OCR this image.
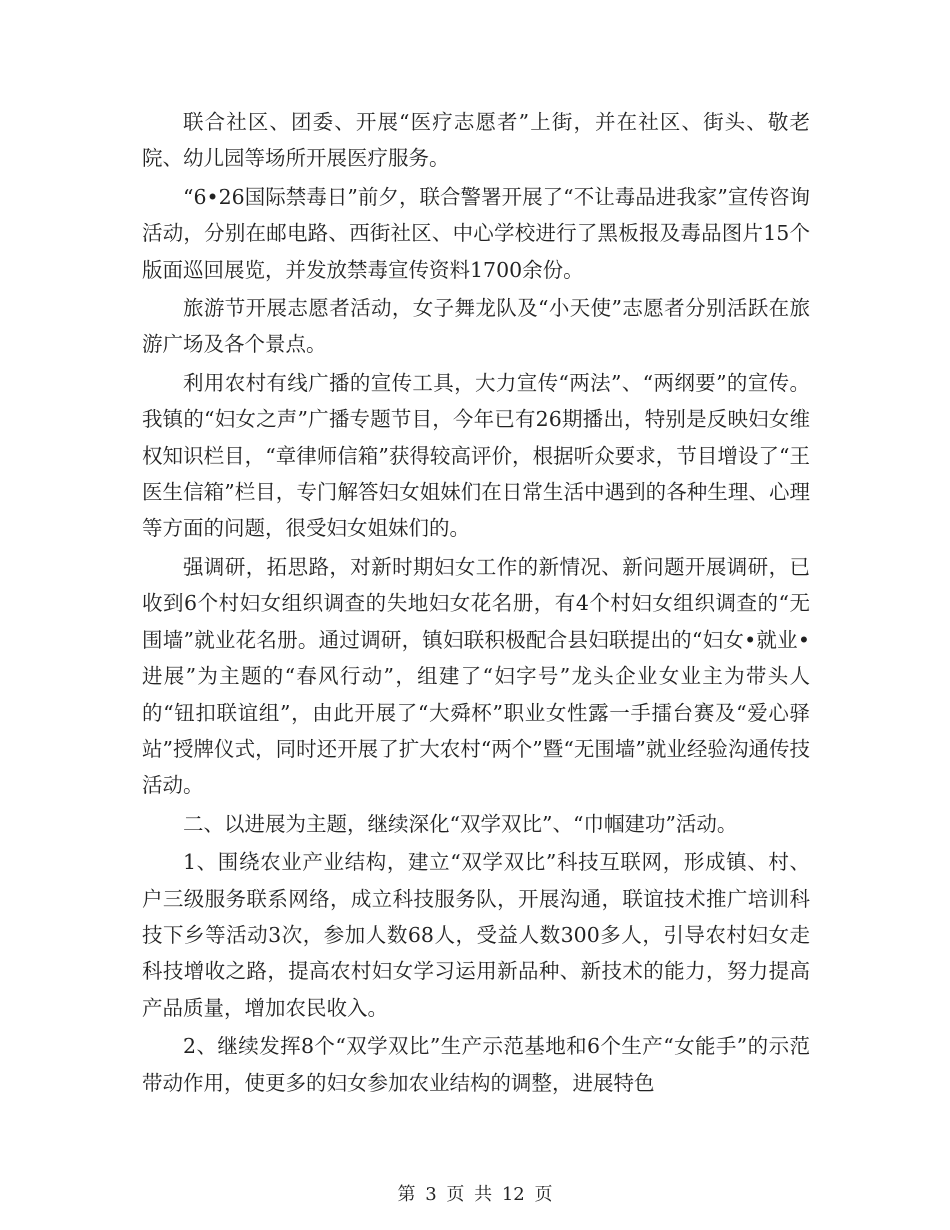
联合社区、团委、开展“医疗志愿者”上街，并在社区、街头、敬老院、幼儿园等场所开展医疗服务。

“6•26国际禁毒日”前夕，联合警署开展了“不让毒品进我家”宣传咨询活动，分别在邮电路、西街社区、中心学校进行了黑板报及毒品图片15个版面巡回展览，并发放禁毒宣传资料1700余份。

旅游节开展志愿者活动，女子舞龙队及“小天使”志愿者分别活跃在旅游广场及各个景点。

利用农村有线广播的宣传工具，大力宣传“两法”、“两纲要”的宣传。我镇的“妇女之声”广播专题节目，今年已有26期播出，特别是反映妇女维权知识栏目，“章律师信箱”获得较高评价，根据听众要求，节目增设了“王医生信箱”栏目，专门解答妇女姐妹们在日常生活中遇到的各种生理、心理等方面的问题，很受妇女姐妹们的。

强调研，拓思路，对新时期妇女工作的新情况、新问题开展调研，已收到6个村妇女组织调查的失地妇女花名册，有4个村妇女组织调查的“无围墙”就业花名册。通过调研，镇妇联积极配合县妇联提出的“妇女•就业•进展”为主题的“春风行动”，组建了“妇字号”龙头企业女业主为带头人的“钮扣联谊组”，由此开展了“大舜杯”职业女性露一手擂台赛及“爱心驿站”授牌仪式，同时还开展了扩大农村“两个”暨“无围墙”就业经验沟通传技活动。

二、以进展为主题，继续深化“双学双比”、“巾帼建功”活动。

1、围绕农业产业结构，建立“双学双比”科技互联网，形成镇、村、户三级服务联系网络，成立科技服务队，开展沟通，联谊技术推广培训科技下乡等活动3次，参加人数68人，受益人数300多人，引导农村妇女走科技增收之路，提高农村妇女学习运用新品种、新技术的能力，努力提高产品质量，增加农民收入。

2、继续发挥8个“双学双比”生产示范基地和6个生产“女能手”的示范带动作用，使更多的妇女参加农业结构的调整，进展特色

第 3 页 共 12 页
